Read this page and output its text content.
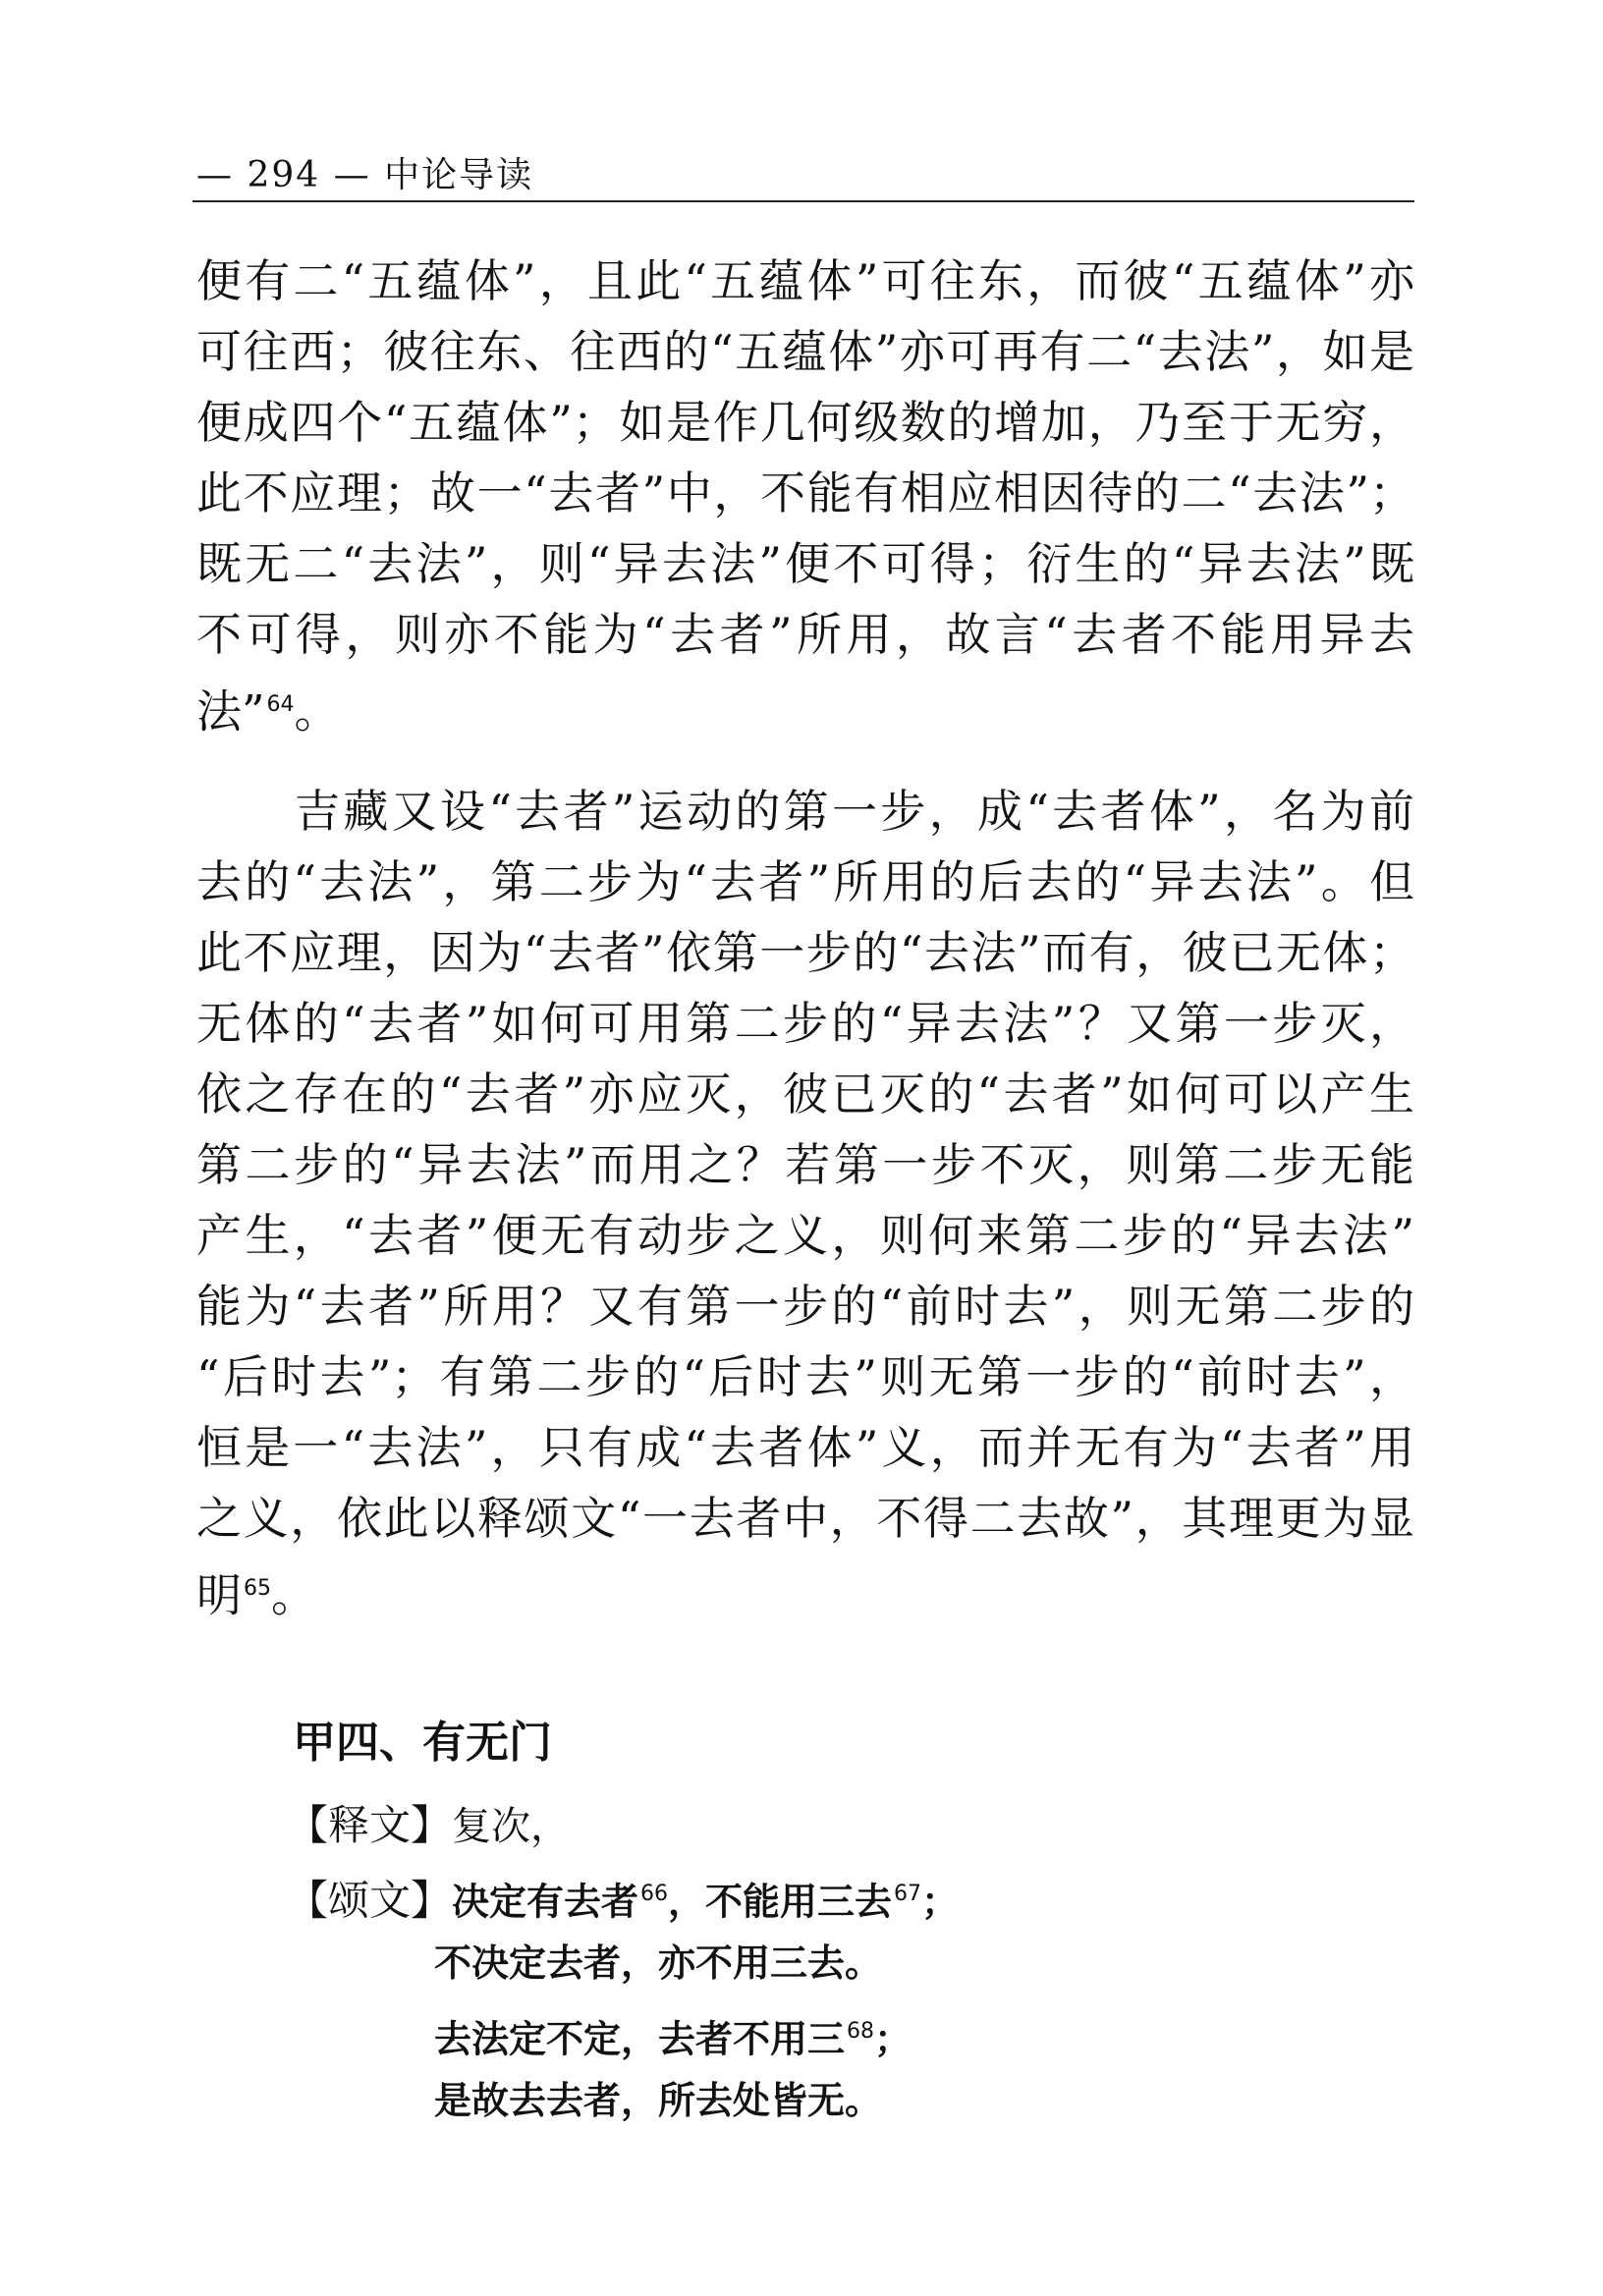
— 294 — 中论导读
便有二“五蕴体”，且此“五蕴体”可往东，而彼“五蕴体”亦
可往西；彼往东、往西的“五蕴体”亦可再有二“去法”，如是
便成四个“五蕴体”；如是作几何级数的增加，乃至于无穷，
此不应理；故一“去者”中，不能有相应相因待的二“去法”；
既无二“去法”，则“异去法”便不可得；衍生的“异去法”既
不可得，则亦不能为“去者”所用，故言“去者不能用异去
法”$^{64}$。
吉藏又设“去者”运动的第一步，成“去者体”，名为前
去的“去法”，第二步为“去者”所用的后去的“异去法”。但
此不应理，因为“去者”依第一步的“去法”而有，彼已无体；
无体的“去者”如何可用第二步的“异去法”？又第一步灭，
依之存在的“去者”亦应灭，彼已灭的“去者”如何可以产生
第二步的“异去法”而用之？若第一步不灭，则第二步无能
产生，“去者”便无有动步之义，则何来第二步的“异去法”
能为“去者”所用？又有第一步的“前时去”，则无第二步的
“后时去”；有第二步的“后时去”则无第一步的“前时去”，
恒是一“去法”，只有成“去者体”义，而并无有为“去者”用
之义，依此以释颂文“一去者中，不得二去故”，其理更为显
明$^{65}$。
甲四、有无门
【释文】复次，
【颂文】决定有去者$^{66}$，不能用三去$^{67}$；
不决定去者，亦不用三去。
去法定不定，去者不用三$^{68}$；
是故去去者，所去处皆无。
